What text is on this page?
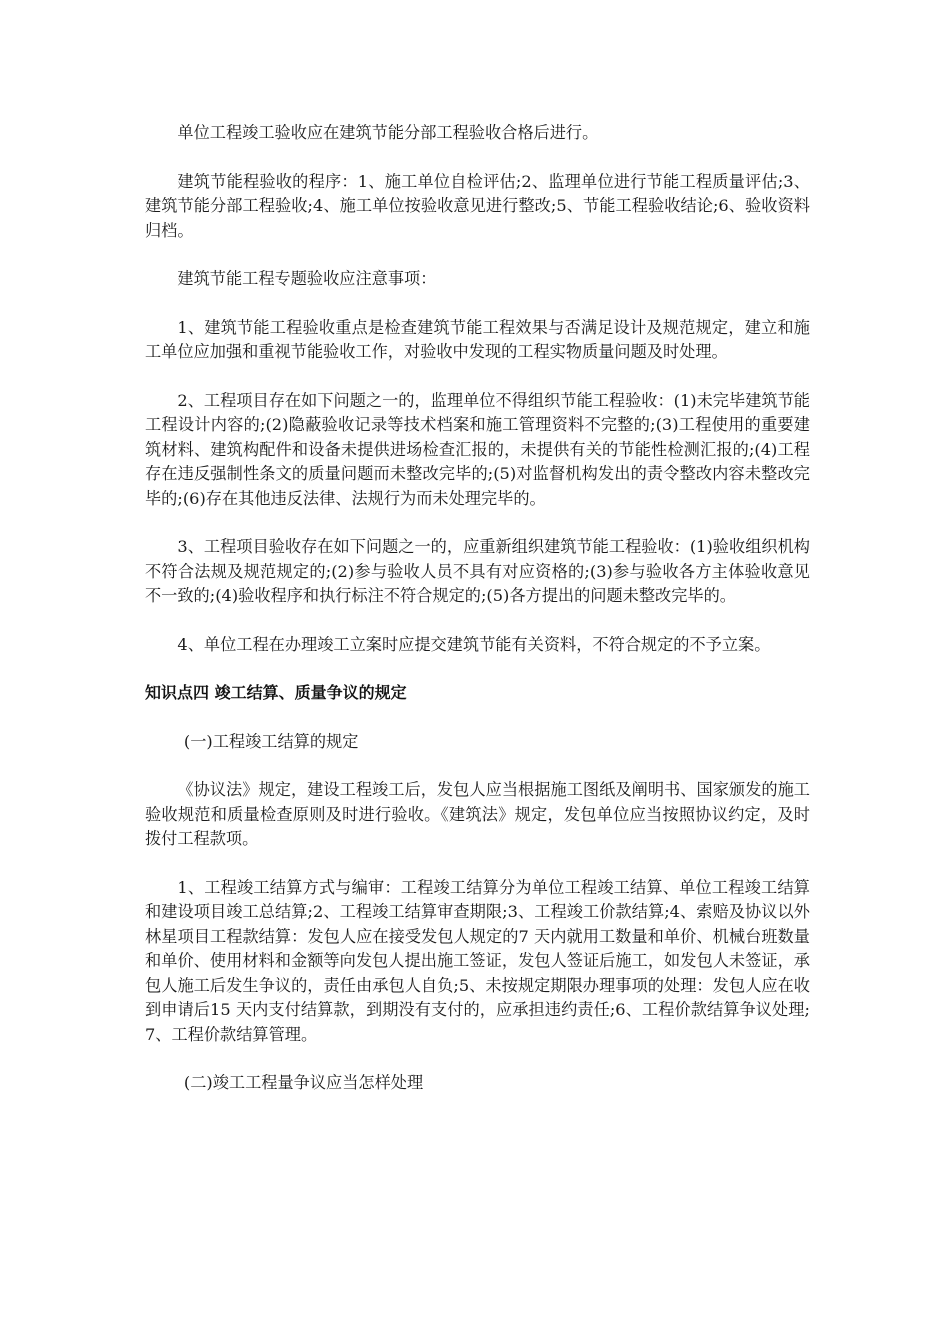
单位工程竣工验收应在建筑节能分部工程验收合格后进行。

建筑节能程验收的程序：1、施工单位自检评估;2、监理单位进行节能工程质量评估;3、建筑节能分部工程验收;4、施工单位按验收意见进行整改;5、节能工程验收结论;6、验收资料归档。

建筑节能工程专题验收应注意事项：

1、建筑节能工程验收重点是检查建筑节能工程效果与否满足设计及规范规定，建立和施工单位应加强和重视节能验收工作，对验收中发现的工程实物质量问题及时处理。

2、工程项目存在如下问题之一的，监理单位不得组织节能工程验收：(1)未完毕建筑节能工程设计内容的;(2)隐蔽验收记录等技术档案和施工管理资料不完整的;(3)工程使用的重要建筑材料、建筑构配件和设备未提供进场检查汇报的，未提供有关的节能性检测汇报的;(4)工程存在违反强制性条文的质量问题而未整改完毕的;(5)对监督机构发出的责令整改内容未整改完毕的;(6)存在其他违反法律、法规行为而未处理完毕的。

3、工程项目验收存在如下问题之一的，应重新组织建筑节能工程验收：(1)验收组织机构不符合法规及规范规定的;(2)参与验收人员不具有对应资格的;(3)参与验收各方主体验收意见不一致的;(4)验收程序和执行标注不符合规定的;(5)各方提出的问题未整改完毕的。

4、单位工程在办理竣工立案时应提交建筑节能有关资料，不符合规定的不予立案。

知识点四 竣工结算、质量争议的规定

(一)工程竣工结算的规定

《协议法》规定，建设工程竣工后，发包人应当根据施工图纸及阐明书、国家颁发的施工验收规范和质量检查原则及时进行验收。《建筑法》规定，发包单位应当按照协议约定，及时拨付工程款项。

1、工程竣工结算方式与编审：工程竣工结算分为单位工程竣工结算、单位工程竣工结算和建设项目竣工总结算;2、工程竣工结算审查期限;3、工程竣工价款结算;4、索赔及协议以外林星项目工程款结算：发包人应在接受发包人规定的7 天内就用工数量和单价、机械台班数量和单价、使用材料和金额等向发包人提出施工签证，发包人签证后施工，如发包人未签证，承包人施工后发生争议的，责任由承包人自负;5、未按规定期限办理事项的处理：发包人应在收到申请后15 天内支付结算款，到期没有支付的，应承担违约责任;6、工程价款结算争议处理;7、工程价款结算管理。

(二)竣工工程量争议应当怎样处理
